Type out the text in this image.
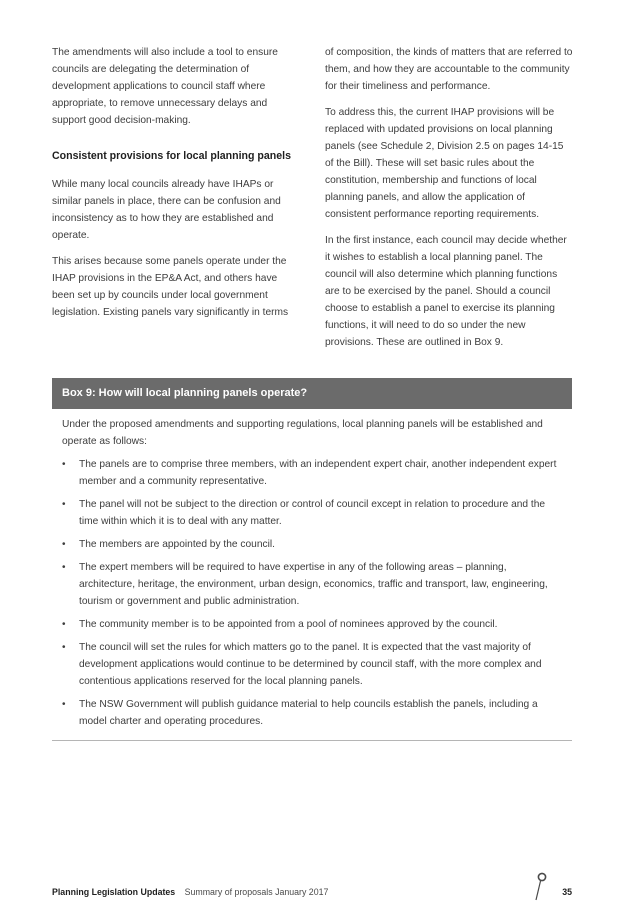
The amendments will also include a tool to ensure councils are delegating the determination of development applications to council staff where appropriate, to remove unnecessary delays and support good decision-making.

Consistent provisions for local planning panels

While many local councils already have IHAPs or similar panels in place, there can be confusion and inconsistency as to how they are established and operate.

This arises because some panels operate under the IHAP provisions in the EP&A Act, and others have been set up by councils under local government legislation. Existing panels vary significantly in terms

of composition, the kinds of matters that are referred to them, and how they are accountable to the community for their timeliness and performance.

To address this, the current IHAP provisions will be replaced with updated provisions on local planning panels (see Schedule 2, Division 2.5 on pages 14-15 of the Bill). These will set basic rules about the constitution, membership and functions of local planning panels, and allow the application of consistent performance reporting requirements.

In the first instance, each council may decide whether it wishes to establish a local planning panel. The council will also determine which planning functions are to be exercised by the panel. Should a council choose to establish a panel to exercise its planning functions, it will need to do so under the new provisions. These are outlined in Box 9.

Box 9: How will local planning panels operate?
Under the proposed amendments and supporting regulations, local planning panels will be established and operate as follows:
• The panels are to comprise three members, with an independent expert chair, another independent expert member and a community representative.
• The panel will not be subject to the direction or control of council except in relation to procedure and the time within which it is to deal with any matter.
• The members are appointed by the council.
• The expert members will be required to have expertise in any of the following areas – planning, architecture, heritage, the environment, urban design, economics, traffic and transport, law, engineering, tourism or government and public administration.
• The community member is to be appointed from a pool of nominees approved by the council.
• The council will set the rules for which matters go to the panel. It is expected that the vast majority of development applications would continue to be determined by council staff, with the more complex and contentious applications reserved for the local planning panels.
• The NSW Government will publish guidance material to help councils establish the panels, including a model charter and operating procedures.
Planning Legislation Updates Summary of proposals January 2017	35
